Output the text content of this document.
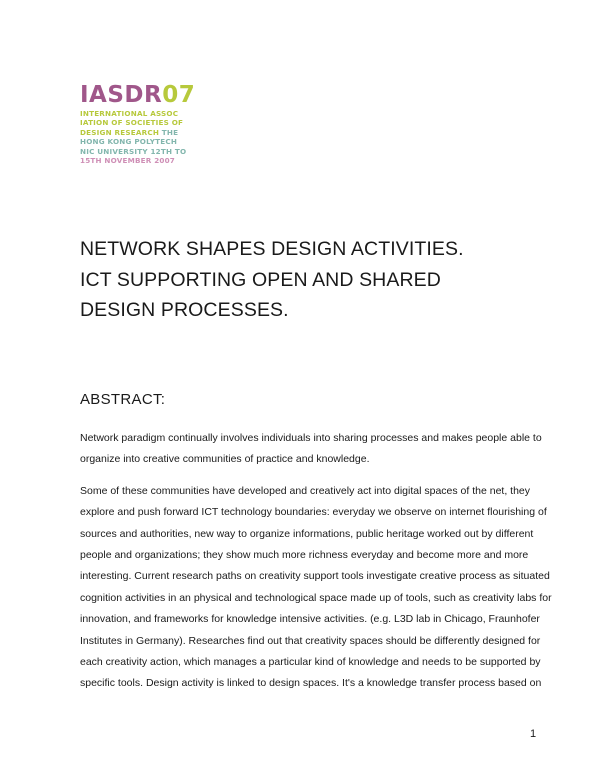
IASDR 07
INTERNATIONAL ASSOC
IATION OF SOCIETIES OF
DESIGN RESEARCH THE
HONG KONG POLYTECH
NIC UNIVERSITY 12TH TO
15TH NOVEMBER 2007
NETWORK SHAPES DESIGN ACTIVITIES.
ICT SUPPORTING OPEN AND SHARED
DESIGN PROCESSES.
ABSTRACT:

Network paradigm continually involves individuals into sharing processes and makes people able to
organize into creative communities of practice and knowledge.

Some of these communities have developed and creatively act into digital spaces of the net, they
explore and push forward ICT technology boundaries: everyday we observe on internet flourishing of
sources and authorities, new way to organize informations, public heritage worked out by different
people and organizations; they show much more richness everyday and become more and more
interesting. Current research paths on creativity support tools investigate creative process as situated
cognition activities in an physical and technological space made up of tools, such as creativity labs for
innovation, and frameworks for knowledge intensive activities. (e.g. L3D lab in Chicago, Fraunhofer
Institutes in Germany). Researches find out that creativity spaces should be differently designed for
each creativity action, which manages a particular kind of knowledge and needs to be supported by
specific tools. Design activity is linked to design spaces. It's a knowledge transfer process based on

1
